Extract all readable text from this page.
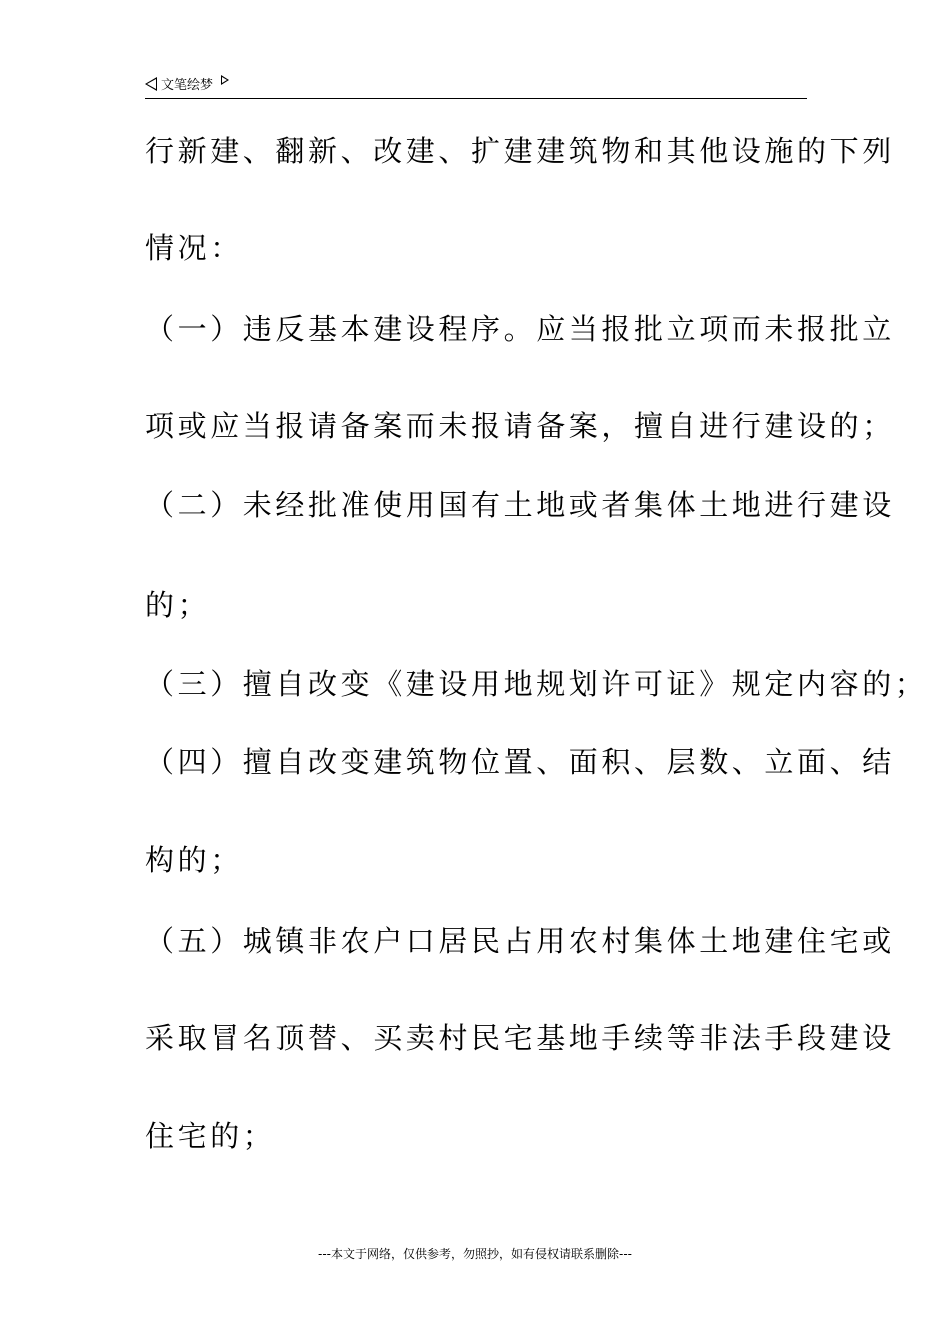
文笔绘梦
行新建、翻新、改建、扩建建筑物和其他设施的下列
情况：
（一）违反基本建设程序。应当报批立项而未报批立
项或应当报请备案而未报请备案，擅自进行建设的；
（二）未经批准使用国有土地或者集体土地进行建设
的；
（三）擅自改变《建设用地规划许可证》规定内容的；
（四）擅自改变建筑物位置、面积、层数、立面、结
构的；
（五）城镇非农户口居民占用农村集体土地建住宅或
采取冒名顶替、买卖村民宅基地手续等非法手段建设
住宅的；
---本文于网络，仅供参考，勿照抄，如有侵权请联系删除---
